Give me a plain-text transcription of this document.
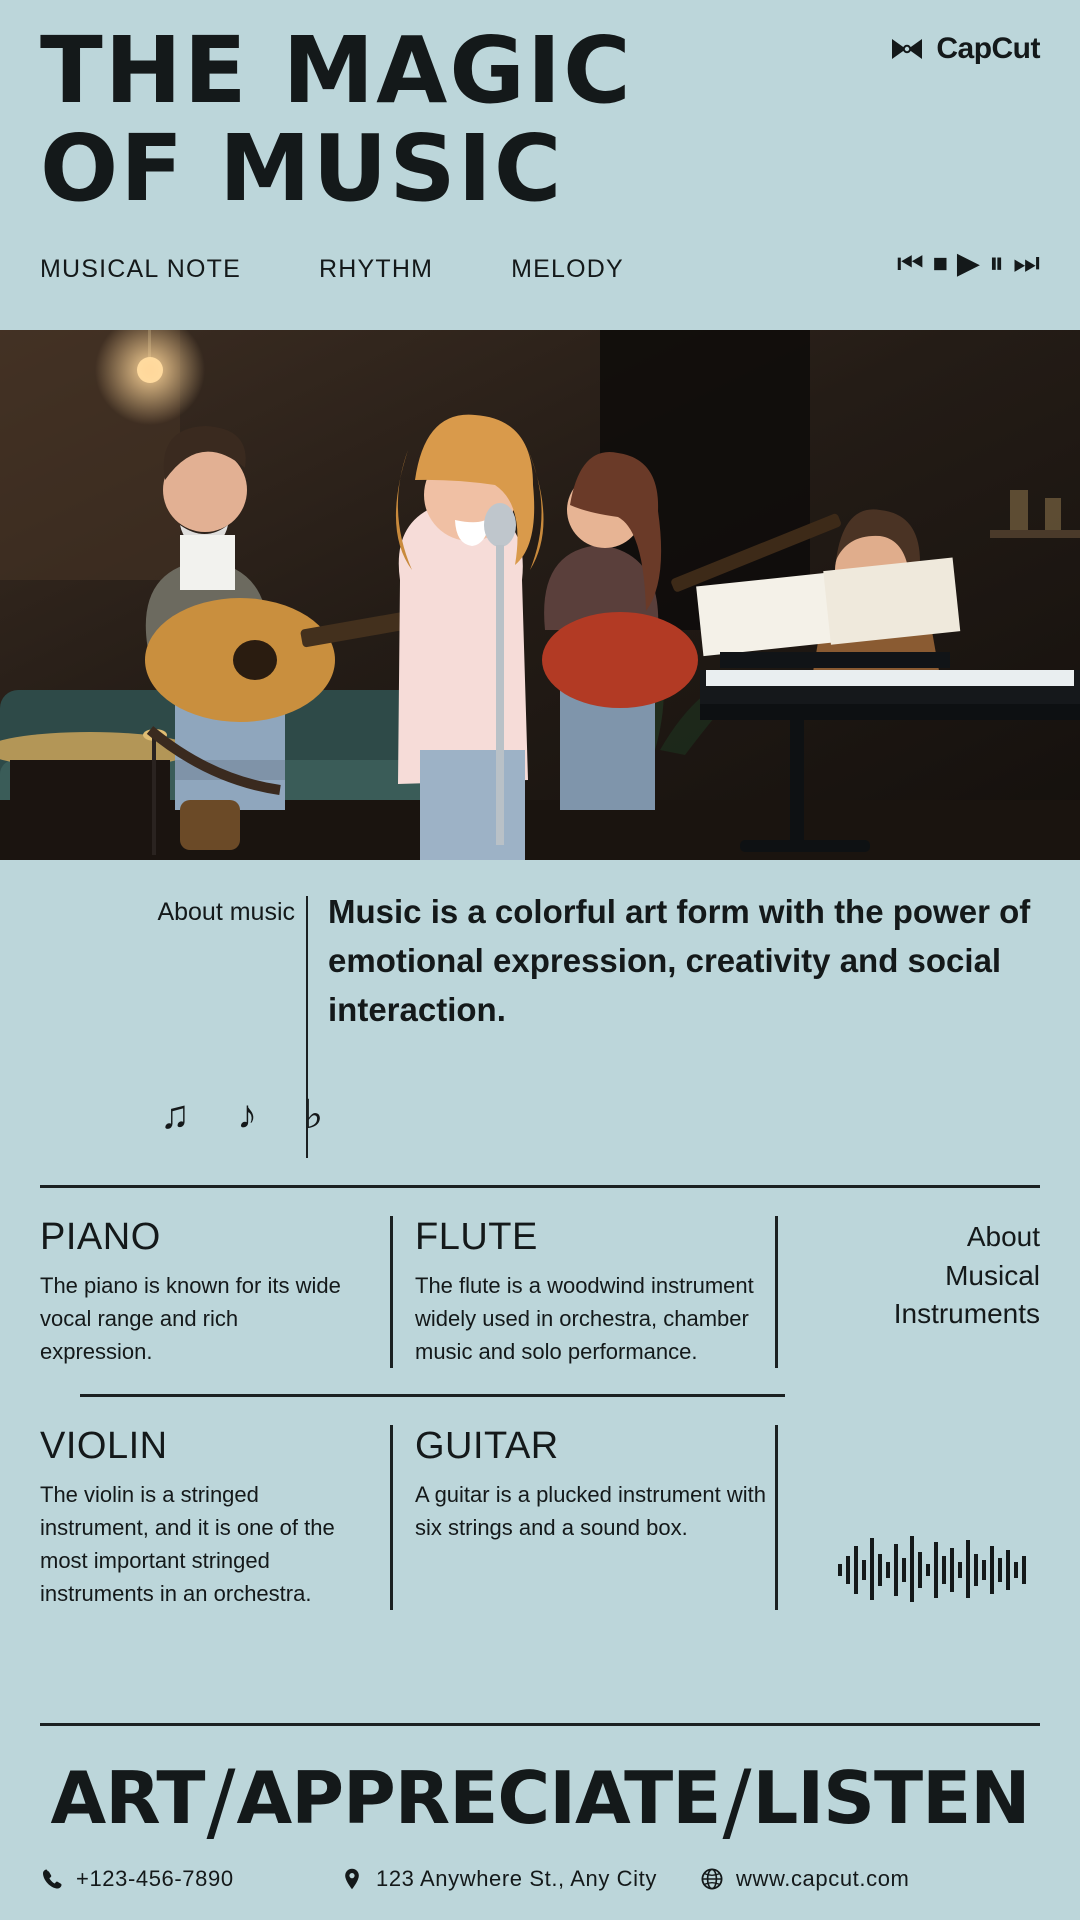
THE MAGIC OF MUSIC
CapCut
MUSICAL NOTE	RHYTHM	MELODY	⏮ ⏹ ▶ ⏸ ⏭
About music Music is a colorful art form with the power of emotional expression, creativity and social interaction.
♫ ♪ ♭
PIANO

The piano is known for its wide vocal range and rich expression.

FLUTE

The flute is a woodwind instrument widely used in orchestra, chamber music and solo performance.

About
Musical
Instruments
VIOLIN

The violin is a stringed instrument, and it is one of the most important stringed instruments in an orchestra.

GUITAR

A guitar is a plucked instrument with six strings and a sound box.

ART / APPRECIATE / LISTEN
+123-456-7890	123 Anywhere St., Any City	www.capcut.com
